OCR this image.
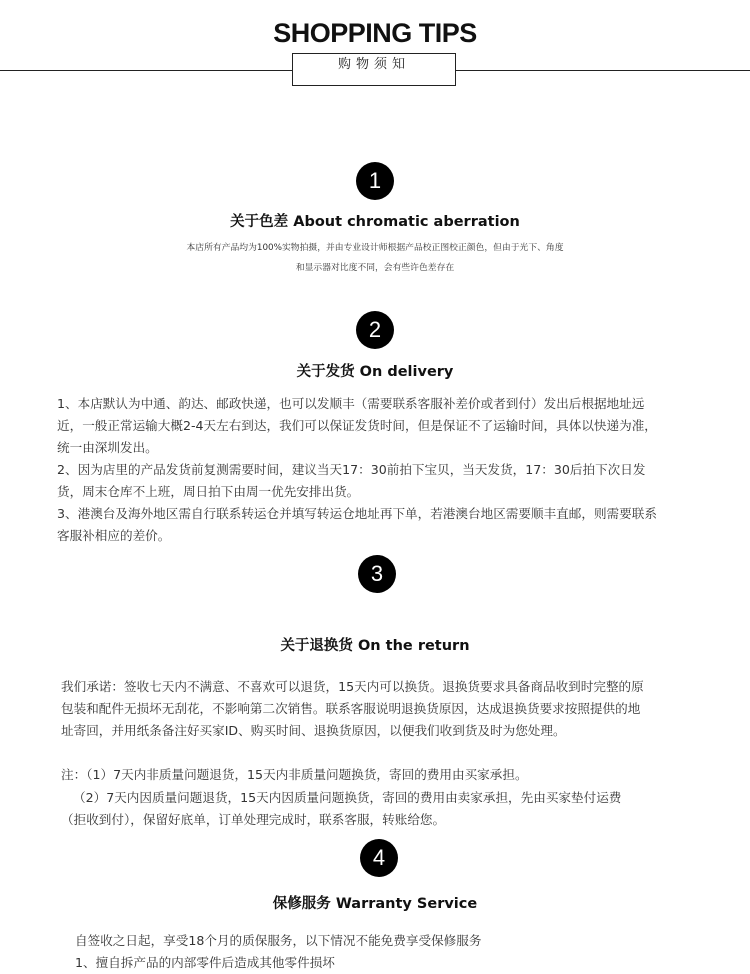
SHOPPING TIPS
购物须知
1
关于色差 About chromatic aberration
本店所有产品均为100%实物拍摄，并由专业设计师根据产品校正图校正颜色，但由于光下、角度
和显示器对比度不同，会有些许色差存在
2
关于发货 On delivery
1、本店默认为中通、韵达、邮政快递，也可以发顺丰（需要联系客服补差价或者到付）发出后根据地址远
近，一般正常运输大概2-4天左右到达，我们可以保证发货时间，但是保证不了运输时间，具体以快递为准，
统一由深圳发出。
2、因为店里的产品发货前复测需要时间，建议当天17：30前拍下宝贝，当天发货，17：30后拍下次日发
货，周末仓库不上班，周日拍下由周一优先安排出货。
3、港澳台及海外地区需自行联系转运仓并填写转运仓地址再下单，若港澳台地区需要顺丰直邮，则需要联系
客服补相应的差价。
3
关于退换货 On the return
我们承诺：签收七天内不满意、不喜欢可以退货，15天内可以换货。退换货要求具备商品收到时完整的原
包装和配件无损坏无刮花，不影响第二次销售。联系客服说明退换货原因，达成退换货要求按照提供的地
址寄回，并用纸条备注好买家ID、购买时间、退换货原因，以便我们收到货及时为您处理。
注：（1）7天内非质量问题退货，15天内非质量问题换货，寄回的费用由买家承担。
（2）7天内因质量问题退货，15天内因质量问题换货，寄回的费用由卖家承担，先由买家垫付运费
（拒收到付），保留好底单，订单处理完成时，联系客服，转账给您。
4
保修服务 Warranty Service
自签收之日起，享受18个月的质保服务，以下情况不能免费享受保修服务
1、擅自拆产品的内部零件后造成其他零件损坏
